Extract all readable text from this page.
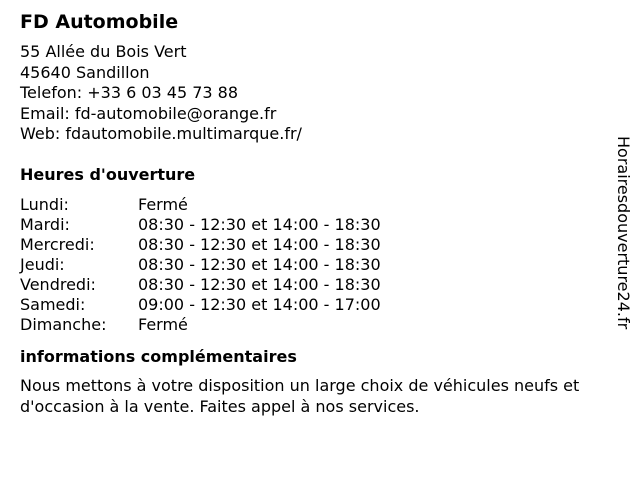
FD Automobile
55 Allée du Bois Vert
45640 Sandillon
Telefon: +33 6 03 45 73 88
Email: fd-automobile@orange.fr
Web: fdautomobile.multimarque.fr/
Heures d'ouverture
Lundi:	Fermé
Mardi:	08:30 - 12:30 et 14:00 - 18:30
Mercredi:	08:30 - 12:30 et 14:00 - 18:30
Jeudi:	08:30 - 12:30 et 14:00 - 18:30
Vendredi:	08:30 - 12:30 et 14:00 - 18:30
Samedi:	09:00 - 12:30 et 14:00 - 17:00
Dimanche:	Fermé
informations complémentaires
Nous mettons à votre disposition un large choix de véhicules neufs et d'occasion à la vente. Faites appel à nos services.
Horairesdouverture24.fr
